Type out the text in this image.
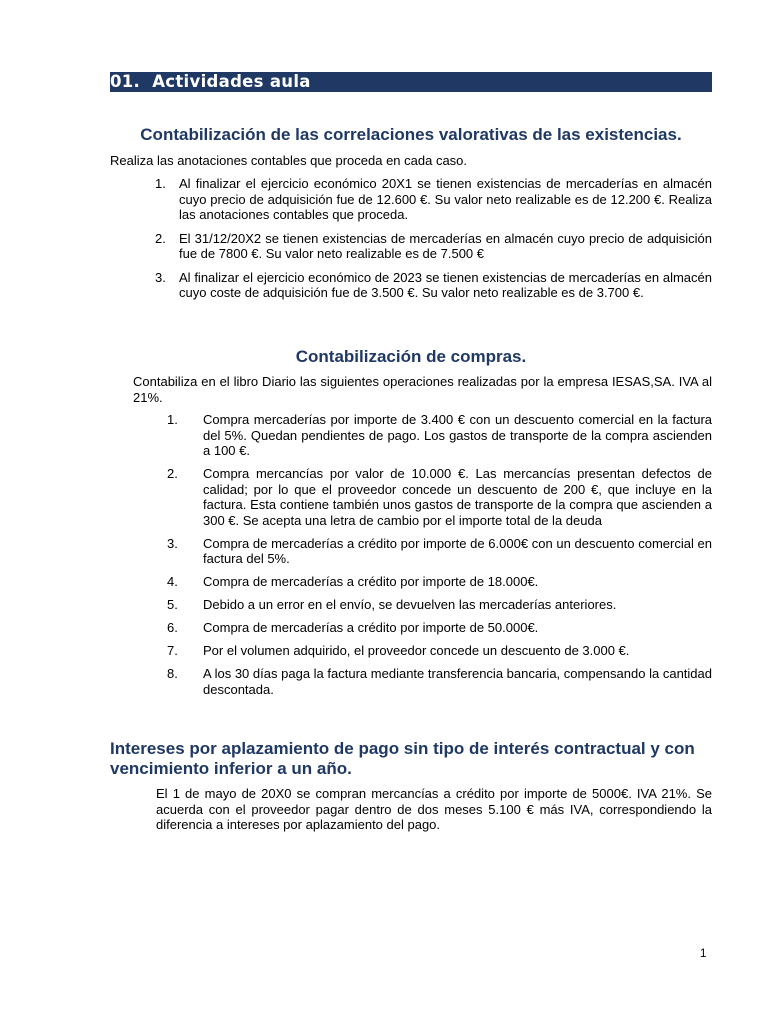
01.  Actividades aula
Contabilización de las correlaciones valorativas de las existencias.
Realiza las anotaciones contables que proceda en cada caso.
1.	Al finalizar el ejercicio económico 20X1 se tienen existencias de mercaderías en almacén cuyo precio de adquisición fue de 12.600 €. Su valor neto realizable es de 12.200 €. Realiza las anotaciones contables que proceda.
2.	El 31/12/20X2 se tienen existencias de mercaderías en almacén cuyo precio de adquisición fue de 7800 €. Su valor neto realizable es de 7.500 €
3.	Al finalizar el ejercicio económico de 2023 se tienen existencias de mercaderías en almacén cuyo coste de adquisición fue de 3.500 €. Su valor neto realizable es de 3.700 €.
Contabilización de compras.
Contabiliza en el libro Diario las siguientes operaciones realizadas por la empresa IESAS,SA. IVA al 21%.
1.	Compra mercaderías por importe de 3.400 € con un descuento comercial en la factura del 5%. Quedan pendientes de pago. Los gastos de transporte de la compra ascienden a 100 €.
2.	Compra mercancías por valor de 10.000 €. Las mercancías presentan defectos de calidad; por lo que el proveedor concede un descuento de 200 €, que incluye en la factura. Esta contiene también unos gastos de transporte de la compra que ascienden a 300 €. Se acepta una letra de cambio por el importe total de la deuda
3.	Compra de mercaderías a crédito por importe de 6.000€ con un descuento comercial en factura del 5%.
4.	Compra de mercaderías a crédito por importe de 18.000€.
5.	Debido a un error en el envío, se devuelven las mercaderías anteriores.
6.	Compra de mercaderías a crédito por importe de 50.000€.
7.	Por el volumen adquirido, el proveedor concede un descuento de 3.000 €.
8.	A los 30 días paga la factura mediante transferencia bancaria, compensando la cantidad descontada.
Intereses por aplazamiento de pago sin tipo de interés contractual y con vencimiento inferior a un año.
El 1 de mayo de 20X0 se compran mercancías a crédito por importe de 5000€. IVA 21%. Se acuerda con el proveedor pagar dentro de dos meses 5.100 € más IVA, correspondiendo la diferencia a intereses por aplazamiento del pago.
1
